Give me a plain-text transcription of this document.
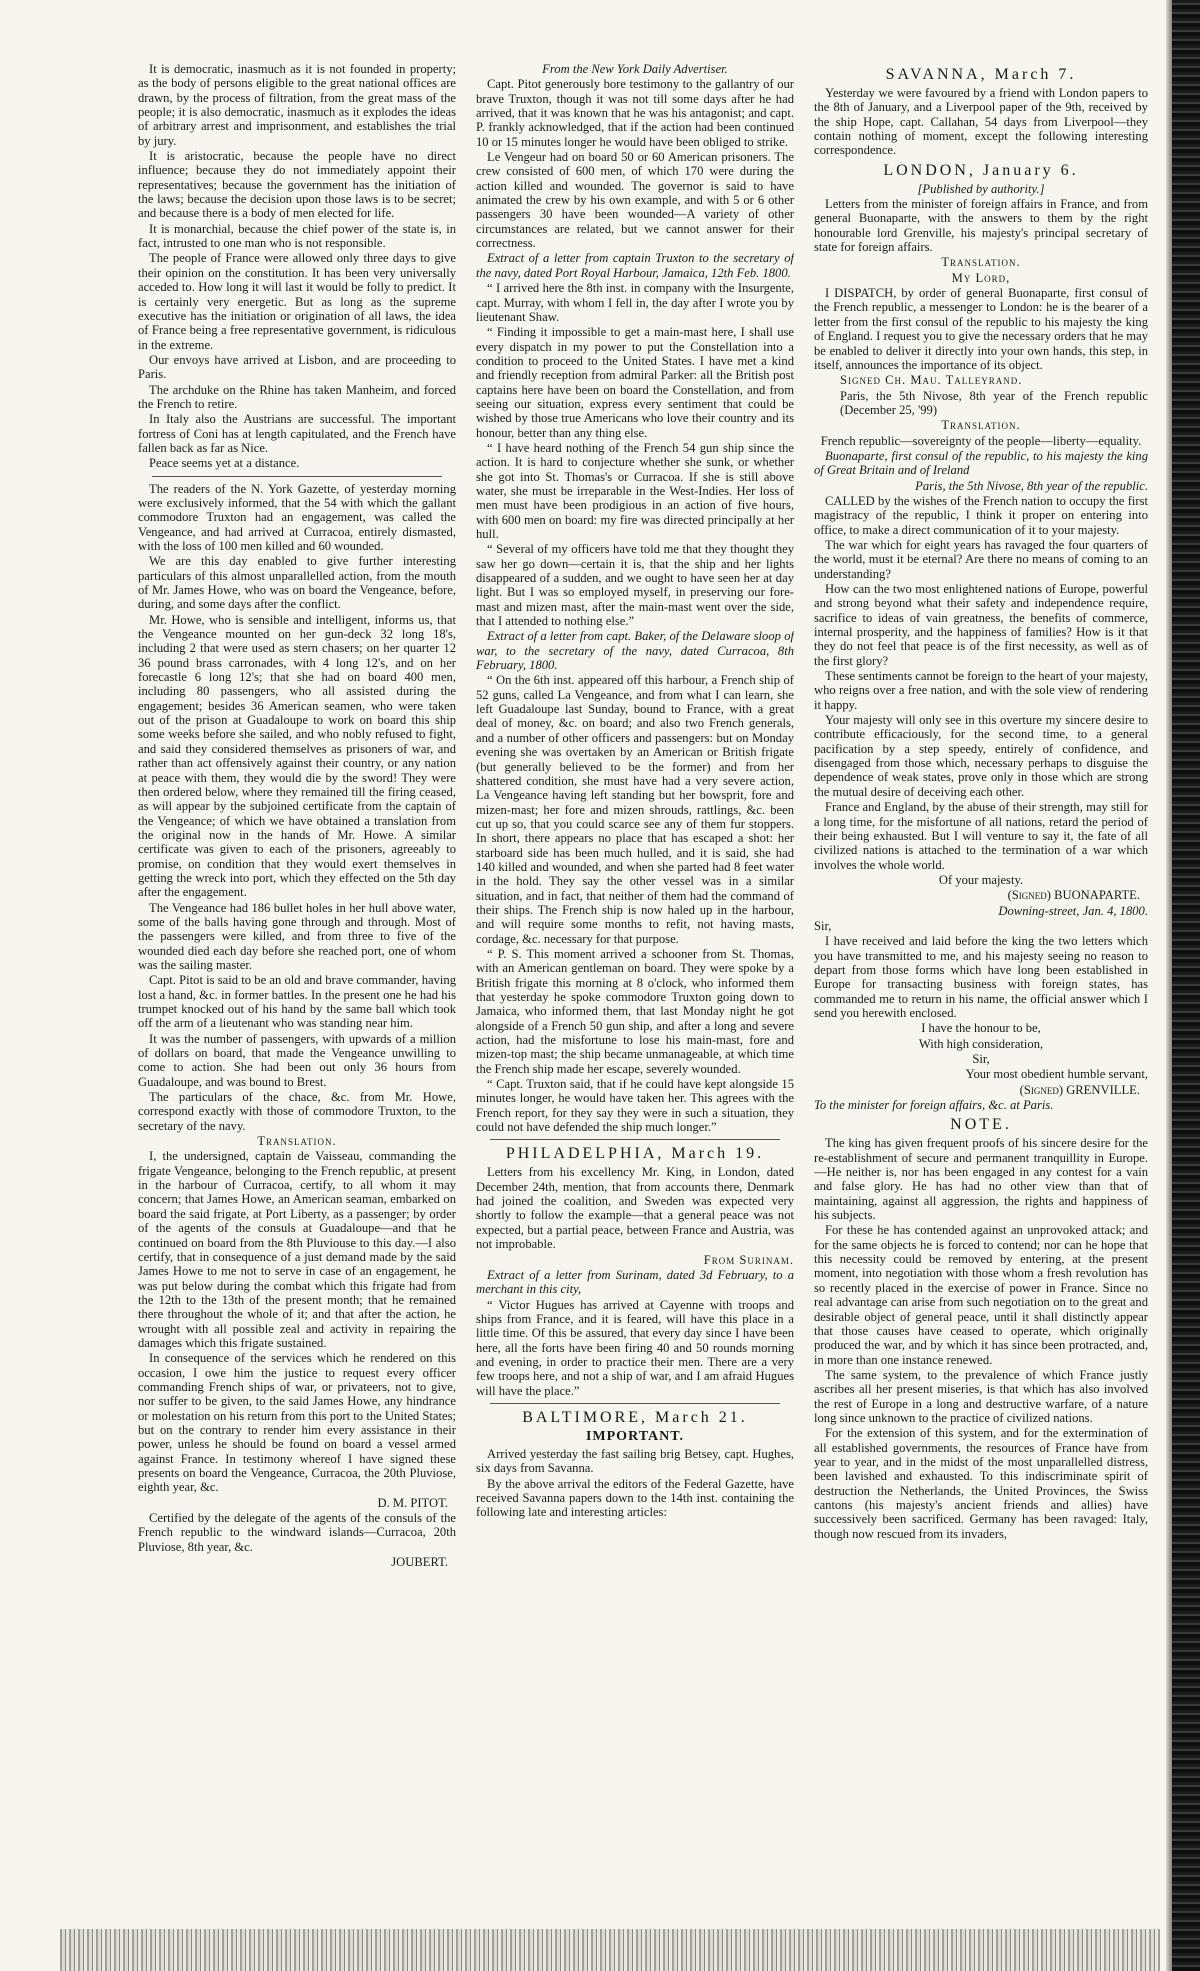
It is democratic, inasmuch as it is not founded in property; as the body of persons eligible to the great national offices are drawn, by the process of filtration, from the great mass of the people; it is also democratic, inasmuch as it explodes the ideas of arbitrary arrest and imprisonment, and establishes the trial by jury.

It is aristocratic, because the people have no direct influence; because they do not immediately appoint their representatives; because the government has the initiation of the laws; because the decision upon those laws is to be secret; and because there is a body of men elected for life.

It is monarchial, because the chief power of the state is, in fact, intrusted to one man who is not responsible.

The people of France were allowed only three days to give their opinion on the constitution. It has been very universally acceded to. How long it will last it would be folly to predict. It is certainly very energetic. But as long as the supreme executive has the initiation or origination of all laws, the idea of France being a free representative government, is ridiculous in the extreme.

Our envoys have arrived at Lisbon, and are proceeding to Paris.

The archduke on the Rhine has taken Manheim, and forced the French to retire.

In Italy also the Austrians are successful. The important fortress of Coni has at length capitulated, and the French have fallen back as far as Nice.

Peace seems yet at a distance.

The readers of the N. York Gazette, of yesterday morning were exclusively informed, that the 54 with which the gallant commodore Truxton had an engagement, was called the Vengeance, and had arrived at Curracoa, entirely dismasted, with the loss of 100 men killed and 60 wounded.

We are this day enabled to give further interesting particulars of this almost unparallelled action, from the mouth of Mr. James Howe, who was on board the Vengeance, before, during, and some days after the conflict.

Mr. Howe, who is sensible and intelligent, informs us, that the Vengeance mounted on her gun-deck 32 long 18's, including 2 that were used as stern chasers; on her quarter 12 36 pound brass carronades, with 4 long 12's, and on her forecastle 6 long 12's; that she had on board 400 men, including 80 passengers, who all assisted during the engagement; besides 36 American seamen, who were taken out of the prison at Guadaloupe to work on board this ship some weeks before she sailed, and who nobly refused to fight, and said they considered themselves as prisoners of war, and rather than act offensively against their country, or any nation at peace with them, they would die by the sword! They were then ordered below, where they remained till the firing ceased, as will appear by the subjoined certificate from the captain of the Vengeance; of which we have obtained a translation from the original now in the hands of Mr. Howe. A similar certificate was given to each of the prisoners, agreeably to promise, on condition that they would exert themselves in getting the wreck into port, which they effected on the 5th day after the engagement.

The Vengeance had 186 bullet holes in her hull above water, some of the balls having gone through and through. Most of the passengers were killed, and from three to five of the wounded died each day before she reached port, one of whom was the sailing master.

Capt. Pitot is said to be an old and brave commander, having lost a hand, &c. in former battles. In the present one he had his trumpet knocked out of his hand by the same ball which took off the arm of a lieutenant who was standing near him.

It was the number of passengers, with upwards of a million of dollars on board, that made the Vengeance unwilling to come to action. She had been out only 36 hours from Guadaloupe, and was bound to Brest.

The particulars of the chace, &c. from Mr. Howe, correspond exactly with those of commodore Truxton, to the secretary of the navy.

Translation.

I, the undersigned, captain de Vaisseau, commanding the frigate Vengeance, belonging to the French republic, at present in the harbour of Curracoa, certify, to all whom it may concern; that James Howe, an American seaman, embarked on board the said frigate, at Port Liberty, as a passenger; by order of the agents of the consuls at Guadaloupe—and that he continued on board from the 8th Pluviouse to this day.—I also certify, that in consequence of a just demand made by the said James Howe to me not to serve in case of an engagement, he was put below during the combat which this frigate had from the 12th to the 13th of the present month; that he remained there throughout the whole of it; and that after the action, he wrought with all possible zeal and activity in repairing the damages which this frigate sustained.

In consequence of the services which he rendered on this occasion, I owe him the justice to request every officer commanding French ships of war, or privateers, not to give, nor suffer to be given, to the said James Howe, any hindrance or molestation on his return from this port to the United States; but on the contrary to render him every assistance in their power, unless he should be found on board a vessel armed against France. In testimony whereof I have signed these presents on board the Vengeance, Curracoa, the 20th Pluviose, eighth year, &c.

D. M. PITOT.

Certified by the delegate of the agents of the consuls of the French republic to the windward islands—Curracoa, 20th Pluviose, 8th year, &c.

JOUBERT.

From the New York Daily Advertiser.

Capt. Pitot generously bore testimony to the gallantry of our brave Truxton, though it was not till some days after he had arrived, that it was known that he was his antagonist; and capt. P. frankly acknowledged, that if the action had been continued 10 or 15 minutes longer he would have been obliged to strike.

Le Vengeur had on board 50 or 60 American prisoners. The crew consisted of 600 men, of which 170 were during the action killed and wounded. The governor is said to have animated the crew by his own example, and with 5 or 6 other passengers 30 have been wounded—A variety of other circumstances are related, but we cannot answer for their correctness.

Extract of a letter from captain Truxton to the secretary of the navy, dated Port Royal Harbour, Jamaica, 12th Feb. 1800.

“ I arrived here the 8th inst. in company with the Insurgente, capt. Murray, with whom I fell in, the day after I wrote you by lieutenant Shaw.

“ Finding it impossible to get a main-mast here, I shall use every dispatch in my power to put the Constellation into a condition to proceed to the United States. I have met a kind and friendly reception from admiral Parker: all the British post captains here have been on board the Constellation, and from seeing our situation, express every sentiment that could be wished by those true Americans who love their country and its honour, better than any thing else.

“ I have heard nothing of the French 54 gun ship since the action. It is hard to conjecture whether she sunk, or whether she got into St. Thomas's or Curracoa. If she is still above water, she must be irreparable in the West-Indies. Her loss of men must have been prodigious in an action of five hours, with 600 men on board: my fire was directed principally at her hull.

“ Several of my officers have told me that they thought they saw her go down—certain it is, that the ship and her lights disappeared of a sudden, and we ought to have seen her at day light. But I was so employed myself, in preserving our fore-mast and mizen mast, after the main-mast went over the side, that I attended to nothing else.”

Extract of a letter from capt. Baker, of the Delaware sloop of war, to the secretary of the navy, dated Curracoa, 8th February, 1800.

“ On the 6th inst. appeared off this harbour, a French ship of 52 guns, called La Vengeance, and from what I can learn, she left Guadaloupe last Sunday, bound to France, with a great deal of money, &c. on board; and also two French generals, and a number of other officers and passengers: but on Monday evening she was overtaken by an American or British frigate (but generally believed to be the former) and from her shattered condition, she must have had a very severe action, La Vengeance having left standing but her bowsprit, fore and mizen-mast; her fore and mizen shrouds, rattlings, &c. been cut up so, that you could scarce see any of them fur stoppers. In short, there appears no place that has escaped a shot: her starboard side has been much hulled, and it is said, she had 140 killed and wounded, and when she parted had 8 feet water in the hold. They say the other vessel was in a similar situation, and in fact, that neither of them had the command of their ships. The French ship is now haled up in the harbour, and will require some months to refit, not having masts, cordage, &c. necessary for that purpose.

“ P. S. This moment arrived a schooner from St. Thomas, with an American gentleman on board. They were spoke by a British frigate this morning at 8 o'clock, who informed them that yesterday he spoke commodore Truxton going down to Jamaica, who informed them, that last Monday night he got alongside of a French 50 gun ship, and after a long and severe action, had the misfortune to lose his main-mast, fore and mizen-top mast; the ship became unmanageable, at which time the French ship made her escape, severely wounded.

“ Capt. Truxton said, that if he could have kept alongside 15 minutes longer, he would have taken her. This agrees with the French report, for they say they were in such a situation, they could not have defended the ship much longer.”

PHILADELPHIA, March 19.

Letters from his excellency Mr. King, in London, dated December 24th, mention, that from accounts there, Denmark had joined the coalition, and Sweden was expected very shortly to follow the example—that a general peace was not expected, but a partial peace, between France and Austria, was not improbable.

From Surinam.

Extract of a letter from Surinam, dated 3d February, to a merchant in this city,

“ Victor Hugues has arrived at Cayenne with troops and ships from France, and it is feared, will have this place in a little time. Of this be assured, that every day since I have been here, all the forts have been firing 40 and 50 rounds morning and evening, in order to practice their men. There are a very few troops here, and not a ship of war, and I am afraid Hugues will have the place.”

BALTIMORE, March 21.
IMPORTANT.

Arrived yesterday the fast sailing brig Betsey, capt. Hughes, six days from Savanna.

By the above arrival the editors of the Federal Gazette, have received Savanna papers down to the 14th inst. containing the following late and interesting articles:

SAVANNA, March 7.

Yesterday we were favoured by a friend with London papers to the 8th of January, and a Liverpool paper of the 9th, received by the ship Hope, capt. Callahan, 54 days from Liverpool—they contain nothing of moment, except the following interesting correspondence.

LONDON, January 6.

[Published by authority.]

Letters from the minister of foreign affairs in France, and from general Buonaparte, with the answers to them by the right honourable lord Grenville, his majesty's principal secretary of state for foreign affairs.

Translation.

My Lord,

I DISPATCH, by order of general Buonaparte, first consul of the French republic, a messenger to London: he is the bearer of a letter from the first consul of the republic to his majesty the king of England. I request you to give the necessary orders that he may be enabled to deliver it directly into your own hands, this step, in itself, announces the importance of its object.

Signed Ch. Mau. Talleyrand.

Paris, the 5th Nivose, 8th year of the French republic (December 25, '99)

Translation.

French republic—sovereignty of the people—liberty—equality.

Buonaparte, first consul of the republic, to his majesty the king of Great Britain and of Ireland

Paris, the 5th Nivose, 8th year of the republic.

CALLED by the wishes of the French nation to occupy the first magistracy of the republic, I think it proper on entering into office, to make a direct communication of it to your majesty.

The war which for eight years has ravaged the four quarters of the world, must it be eternal? Are there no means of coming to an understanding?

How can the two most enlightened nations of Europe, powerful and strong beyond what their safety and independence require, sacrifice to ideas of vain greatness, the benefits of commerce, internal prosperity, and the happiness of families? How is it that they do not feel that peace is of the first necessity, as well as of the first glory?

These sentiments cannot be foreign to the heart of your majesty, who reigns over a free nation, and with the sole view of rendering it happy.

Your majesty will only see in this overture my sincere desire to contribute efficaciously, for the second time, to a general pacification by a step speedy, entirely of confidence, and disengaged from those which, necessary perhaps to disguise the dependence of weak states, prove only in those which are strong the mutual desire of deceiving each other.

France and England, by the abuse of their strength, may still for a long time, for the misfortune of all nations, retard the period of their being exhausted. But I will venture to say it, the fate of all civilized nations is attached to the termination of a war which involves the whole world.

Of your majesty.

(Signed) BUONAPARTE.

Downing-street, Jan. 4, 1800.

Sir,

I have received and laid before the king the two letters which you have transmitted to me, and his majesty seeing no reason to depart from those forms which have long been established in Europe for transacting business with foreign states, has commanded me to return in his name, the official answer which I send you herewith enclosed.

I have the honour to be,

With high consideration,

Sir,

Your most obedient humble servant,

(Signed) GRENVILLE.

To the minister for foreign affairs, &c. at Paris.

NOTE.

The king has given frequent proofs of his sincere desire for the re-establishment of secure and permanent tranquillity in Europe.—He neither is, nor has been engaged in any contest for a vain and false glory. He has had no other view than that of maintaining, against all aggression, the rights and happiness of his subjects.

For these he has contended against an unprovoked attack; and for the same objects he is forced to contend; nor can he hope that this necessity could be removed by entering, at the present moment, into negotiation with those whom a fresh revolution has so recently placed in the exercise of power in France. Since no real advantage can arise from such negotiation on to the great and desirable object of general peace, until it shall distinctly appear that those causes have ceased to operate, which originally produced the war, and by which it has since been protracted, and, in more than one instance renewed.

The same system, to the prevalence of which France justly ascribes all her present miseries, is that which has also involved the rest of Europe in a long and destructive warfare, of a nature long since unknown to the practice of civilized nations.

For the extension of this system, and for the extermination of all established governments, the resources of France have from year to year, and in the midst of the most unparallelled distress, been lavished and exhausted. To this indiscriminate spirit of destruction the Netherlands, the United Provinces, the Swiss cantons (his majesty's ancient friends and allies) have successively been sacrificed. Germany has been ravaged: Italy, though now rescued from its invaders,
